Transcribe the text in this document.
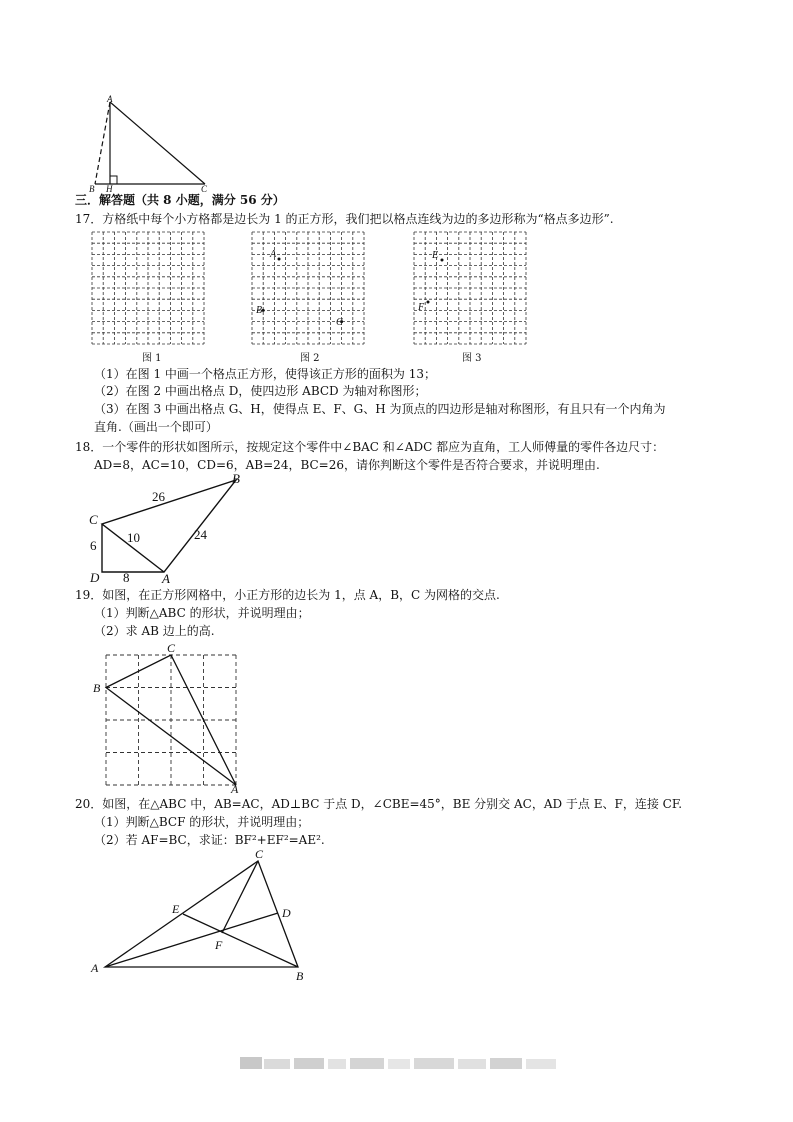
A
B H	C
三．解答题（共 8 小题，满分 56 分）
17．方格纸中每个小方格都是边长为 1 的正方形，我们把以格点连线为边的多边形称为“格点多边形”.
图 1
A
B
C
图 2
E
F
图 3
（1）在图 1 中画一个格点正方形，使得该正方形的面积为 13；
（2）在图 2 中画出格点 D，使四边形 ABCD 为轴对称图形；
（3）在图 3 中画出格点 G、H，使得点 E、F、G、H 为顶点的四边形是轴对称图形，有且只有一个内角为
直角.（画出一个即可）
18．一个零件的形状如图所示，按规定这个零件中∠BAC 和∠ADC 都应为直角，工人师傅量的零件各边尺寸：
AD=8，AC=10，CD=6，AB=24，BC=26，请你判断这个零件是否符合要求，并说明理由.
C
B
D	A
26
24
10
6
8
19．如图，在正方形网格中，小正方形的边长为 1，点 A，B，C 为网格的交点.
（1）判断△ABC 的形状，并说明理由；
（2）求 AB 边上的高.
C
B
A
20．如图，在△ABC 中，AB=AC，AD⊥BC 于点 D，∠CBE=45°，BE 分别交 AC，AD 于点 E、F，连接 CF.
（1）判断△BCF 的形状，并说明理由；
（2）若 AF=BC，求证：BF²+EF²=AE².
C
D
E
F
A
B
